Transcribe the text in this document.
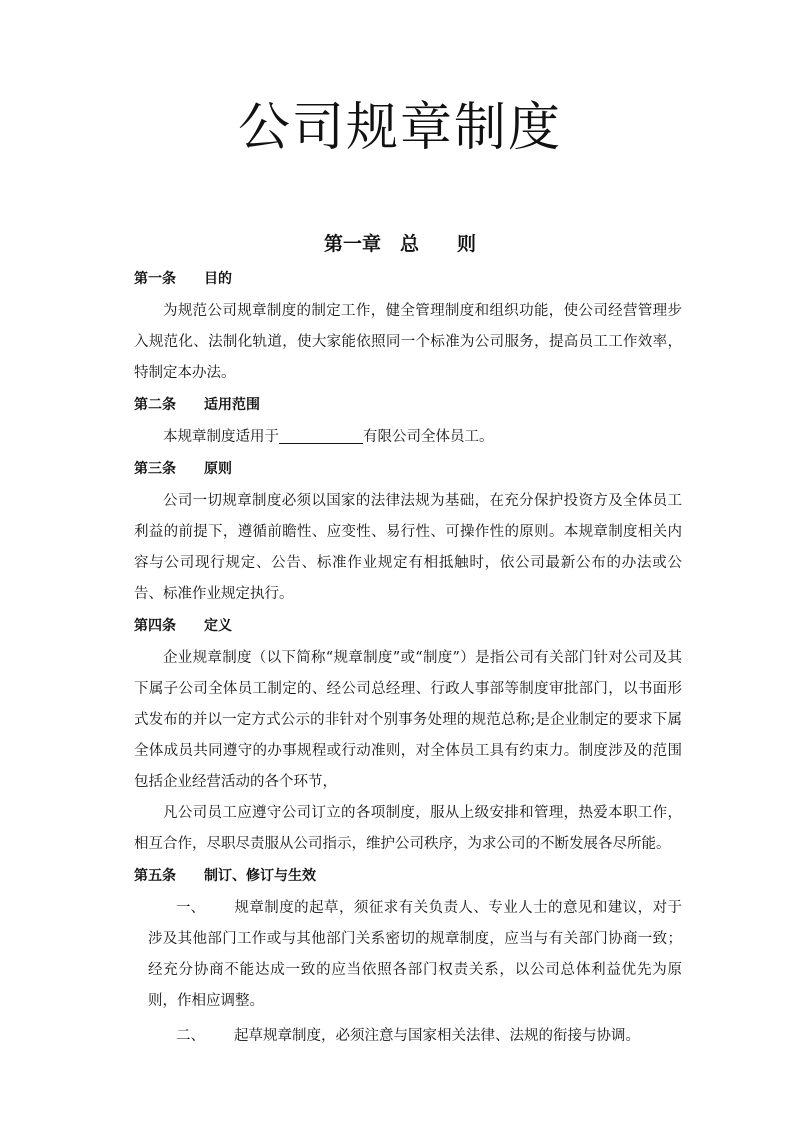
公司规章制度
第一章　总　　则
第一条　　目的

为规范公司规章制度的制定工作，健全管理制度和组织功能，使公司经营管理步入规范化、法制化轨道，使大家能依照同一个标准为公司服务，提高员工工作效率，特制定本办法。

第二条　　适用范围

本规章制度适用于	有限公司全体员工。

第三条　　原则

公司一切规章制度必须以国家的法律法规为基础，在充分保护投资方及全体员工利益的前提下，遵循前瞻性、应变性、易行性、可操作性的原则。本规章制度相关内容与公司现行规定、公告、标准作业规定有相抵触时，依公司最新公布的办法或公告、标准作业规定执行。

第四条　　定义

企业规章制度（以下简称“规章制度”或“制度”）是指公司有关部门针对公司及其下属子公司全体员工制定的、经公司总经理、行政人事部等制度审批部门，以书面形式发布的并以一定方式公示的非针对个别事务处理的规范总称;是企业制定的要求下属全体成员共同遵守的办事规程或行动准则，对全体员工具有约束力。制度涉及的范围包括企业经营活动的各个环节，

凡公司员工应遵守公司订立的各项制度，服从上级安排和管理，热爱本职工作，相互合作，尽职尽责服从公司指示，维护公司秩序，为求公司的不断发展各尽所能。

第五条　　制订、修订与生效

一、 规章制度的起草，须征求有关负责人、专业人士的意见和建议，对于涉及其他部门工作或与其他部门关系密切的规章制度，应当与有关部门协商一致；经充分协商不能达成一致的应当依照各部门权责关系，以公司总体利益优先为原则，作相应调整。

二、 起草规章制度，必须注意与国家相关法律、法规的衔接与协调。
